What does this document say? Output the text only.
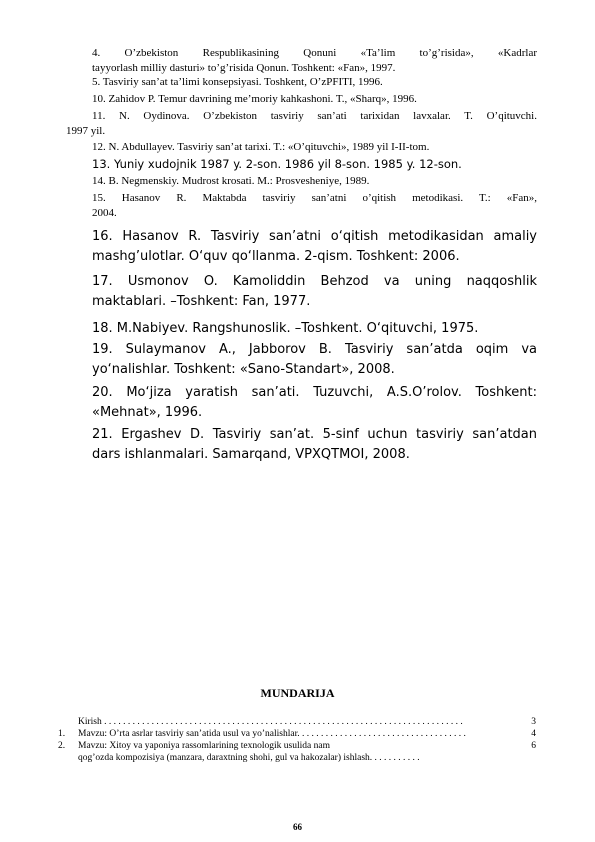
4. O’zbekiston Respublikasining Qonuni «Ta’lim to’g’risida», «Kadrlar
tayyorlash milliy dasturi» to’g’risida Qonun. Toshkent: «Fan», 1997.

5. Tasviriy san’at ta’limi konsepsiyasi. Toshkent, O’zPFITI, 1996.

10. Zahidov P. Temur davrining me’moriy kahkashoni. T., «Sharq», 1996.

11. N. Oydinova. O’zbekiston tasviriy san’ati tarixidan lavxalar. T. O’qituvchi.
1997 yil.

12. N. Abdullayev. Tasviriy san’at tarixi. T.: «O’qituvchi», 1989 yil I-II-tom.

13. Yuniy xudojnik 1987 y. 2-son. 1986 yil 8-son. 1985 y. 12-son.

14. B. Negmenskiy. Mudrost krosati. M.: Prosvesheniye, 1989.

15. Hasanov R. Maktabda tasviriy san’atni o’qitish metodikasi. T.: «Fan»,
2004.

16. Hasanov R. Tasviriy san’atni o‘qitish metodikasidan amaliy
mashg’ulotlar. O‘quv qo‘llanma. 2-qism. Toshkent: 2006.

17. Usmonov O. Kamoliddin Behzod va uning naqqoshlik
maktablari. –Toshkent: Fan, 1977.

18. M.Nabiyev. Rangshunoslik. –Toshkent. O‘qituvchi, 1975.

19. Sulaymanov A., Jabborov B. Tasviriy san’atda oqim va
yo‘nalishlar. Toshkent: «Sano-Standart», 2008.

20. Mo‘jiza yaratish san’ati. Tuzuvchi, A.S.O’rolov. Toshkent:
«Mehnat», 1996.

21. Ergashev D. Tasviriy san’at. 5-sinf uchun tasviriy san’atdan
dars ishlanmalari. Samarqand, VPXQTMOI, 2008.

MUNDARIJA
Kirish . . . . . . . . . . . . . . . . . . . . . . . . . . . . . . . . . . . . . . . . . . . . . . . . . . . . . . . . . . . . . . . . . . . . . . . . . . . .	3
1.	Mavzu: O’rta asrlar tasviriy san’atida usul va yo’nalishlar. . . . . . . . . . . . . . . . . . . . . . . . . . . . . . . . . . . .	4
2.	Mavzu: Xitoy va yaponiya rassomlarining texnologik usulida nam	6
qog’ozda kompozisiya (manzara, daraxtning shohi, gul va hakozalar) ishlash. . . . . . . . . . .
66
